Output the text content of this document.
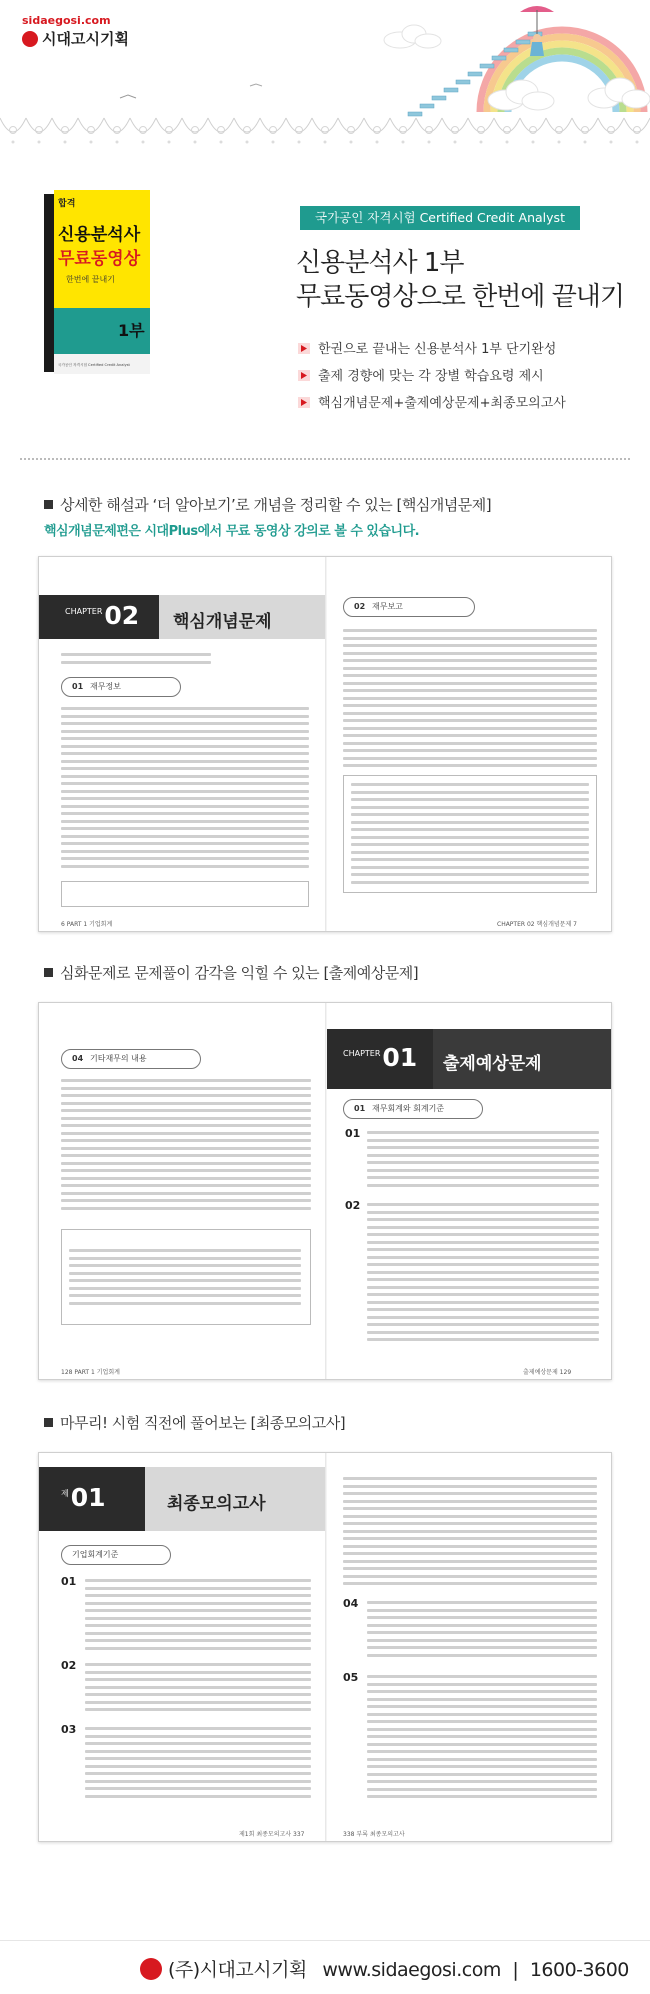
sidaegosi.com
시대고시기획
합격
신용분석사
무료동영상
한번에 끝내기
1부
국가공인 자격시험 Certified Credit Analyst
국가공인 자격시험 Certified Credit Analyst
신용분석사 1부
무료동영상으로 한번에 끝내기
한권으로 끝내는 신용분석사 1부 단기완성
출제 경향에 맞는 각 장별 학습요령 제시
핵심개념문제+출제예상문제+최종모의고사
상세한 해설과 ‘더 알아보기’로 개념을 정리할 수 있는 [핵심개념문제]
핵심개념문제편은 시대Plus에서 무료 동영상 강의로 볼 수 있습니다.
$^{CHAPTER}$02 핵심개념문제
01 재무정보
6 PART 1 기업회계
02 재무보고
CHAPTER 02 핵심개념문제 7
심화문제로 문제풀이 감각을 익힐 수 있는 [출제예상문제]
04 기타재무의 내용
128 PART 1 기업회계
$^{CHAPTER}$01 출제예상문제
01 재무회계와 회계기준
01
02
출제예상문제 129
마무리! 시험 직전에 풀어보는 [최종모의고사]
$^제$01	최종모의고사
기업회계기준
01
02
03
제1회 최종모의고사 337
04
05
338 부록 최종모의고사
(주)시대고시기획 www.sidaegosi.com | 1600-3600
